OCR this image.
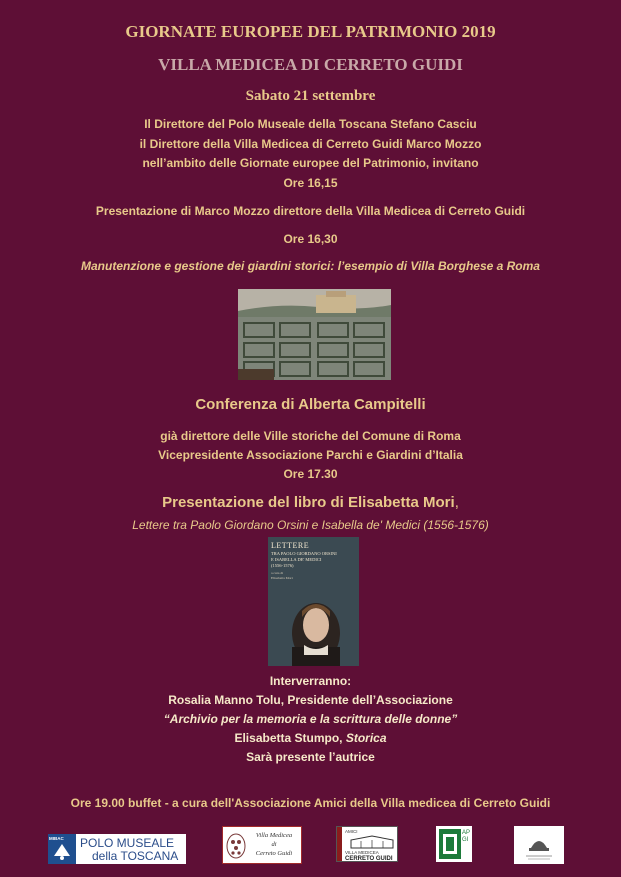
GIORNATE EUROPEE DEL PATRIMONIO 2019
VILLA MEDICEA DI CERRETO GUIDI
Sabato 21 settembre
Il Direttore del Polo Museale della Toscana Stefano Casciu
il Direttore della Villa Medicea di Cerreto Guidi Marco Mozzo
nell’ambito delle Giornate europee del Patrimonio, invitano
Ore 16,15
Presentazione di Marco Mozzo direttore della Villa Medicea di Cerreto Guidi
Ore 16,30
Manutenzione e gestione dei giardini storici: l’esempio di Villa Borghese a Roma
Conferenza di Alberta Campitelli
già direttore delle Ville storiche del Comune di Roma
Vicepresidente Associazione Parchi e Giardini d’Italia
Ore 17.30
Presentazione del libro di Elisabetta Mori,
Lettere tra Paolo Giordano Orsini e Isabella de' Medici (1556-1576)
LETTERE
TRA PAOLO GIORDANO ORSINI
E ISABELLA DE' MEDICI
(1556-1576)
a cura di
Elisabetta Mori
Interverranno:
Rosalia Manno Tolu, Presidente dell’Associazione
“Archivio per la memoria e la scrittura delle donne”
Elisabetta Stumpo, Storica
Sarà presente l’autrice
Ore 19.00 buffet - a cura dell'Associazione Amici della Villa medicea di Cerreto Guidi
MIBAC POLO MUSEALE
della TOSCANA
Villa Medicea
di
Cerreto Guidi
AMICI
VILLA MEDICEA
CERRETO GUIDI
APGI
